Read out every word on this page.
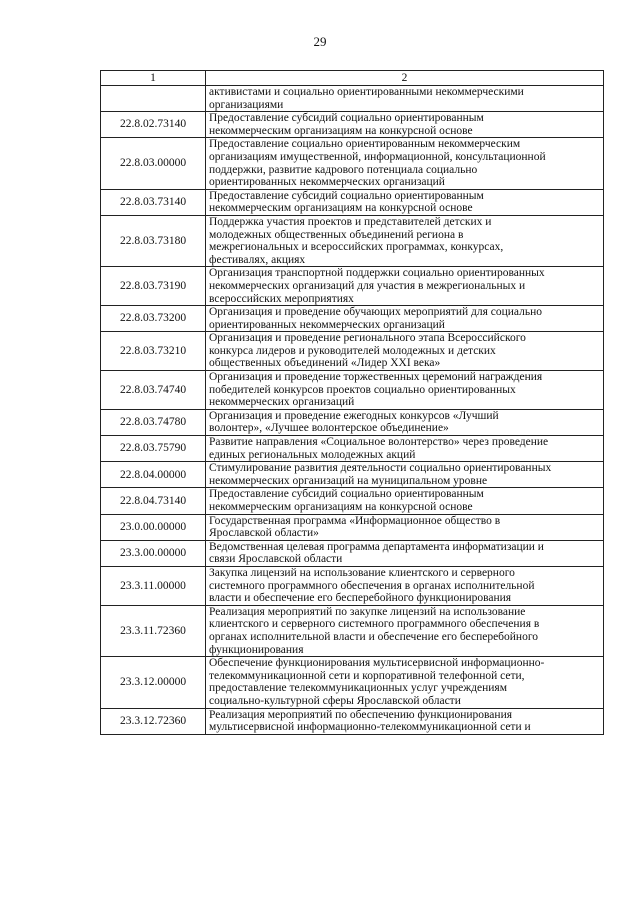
29
1	2

	активистами и социально ориентированными некоммерческими
организациями

22.8.02.73140	Предоставление субсидий социально ориентированным
некоммерческим организациям на конкурсной основе

22.8.03.00000	Предоставление социально ориентированным некоммерческим
организациям имущественной, информационной, консультационной
поддержки, развитие кадрового потенциала социально
ориентированных некоммерческих организаций

22.8.03.73140	Предоставление субсидий социально ориентированным
некоммерческим организациям на конкурсной основе

22.8.03.73180	Поддержка участия проектов и представителей детских и
молодежных общественных объединений региона в
межрегиональных и всероссийских программах, конкурсах,
фестивалях, акциях

22.8.03.73190	Организация транспортной поддержки социально ориентированных
некоммерческих организаций для участия в межрегиональных и
всероссийских мероприятиях

22.8.03.73200	Организация и проведение обучающих мероприятий для социально
ориентированных некоммерческих организаций

22.8.03.73210	Организация и проведение регионального этапа Всероссийского
конкурса лидеров и руководителей молодежных и детских
общественных объединений «Лидер XXI века»

22.8.03.74740	Организация и проведение торжественных церемоний награждения
победителей конкурсов проектов социально ориентированных
некоммерческих организаций

22.8.03.74780	Организация и проведение ежегодных конкурсов «Лучший
волонтер», «Лучшее волонтерское объединение»

22.8.03.75790	Развитие направления «Социальное волонтерство» через проведение
единых региональных молодежных акций

22.8.04.00000	Стимулирование развития деятельности социально ориентированных
некоммерческих организаций на муниципальном уровне

22.8.04.73140	Предоставление субсидий социально ориентированным
некоммерческим организациям на конкурсной основе

23.0.00.00000	Государственная программа «Информационное общество в
Ярославской области»

23.3.00.00000	Ведомственная целевая программа департамента информатизации и
связи Ярославской области

23.3.11.00000	Закупка лицензий на использование клиентского и серверного
системного программного обеспечения в органах исполнительной
власти и обеспечение его бесперебойного функционирования

23.3.11.72360	Реализация мероприятий по закупке лицензий на использование
клиентского и серверного системного программного обеспечения в
органах исполнительной власти и обеспечение его бесперебойного
функционирования

23.3.12.00000	Обеспечение функционирования мультисервисной информационно-
телекоммуникационной сети и корпоративной телефонной сети,
предоставление телекоммуникационных услуг учреждениям
социально-культурной сферы Ярославской области

23.3.12.72360	Реализация мероприятий по обеспечению функционирования
мультисервисной информационно-телекоммуникационной сети и
